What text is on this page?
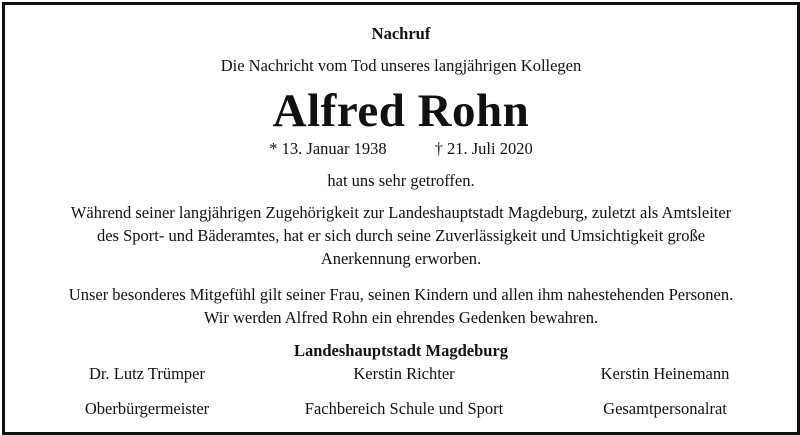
Nachruf
Die Nachricht vom Tod unseres langjährigen Kollegen
Alfred Rohn
* 13. Januar 1938	† 21. Juli 2020
hat uns sehr getroffen.
Während seiner langjährigen Zugehörigkeit zur Landeshauptstadt Magdeburg, zuletzt als Amtsleiter
des Sport- und Bäderamtes, hat er sich durch seine Zuverlässigkeit und Umsichtigkeit große
Anerkennung erworben.
Unser besonderes Mitgefühl gilt seiner Frau, seinen Kindern und allen ihm nahestehenden Personen.
Wir werden Alfred Rohn ein ehrendes Gedenken bewahren.
Landeshauptstadt Magdeburg
Dr. Lutz Trümper	Kerstin Richter	Kerstin Heinemann
Oberbürgermeister	Fachbereich Schule und Sport	Gesamtpersonalrat
